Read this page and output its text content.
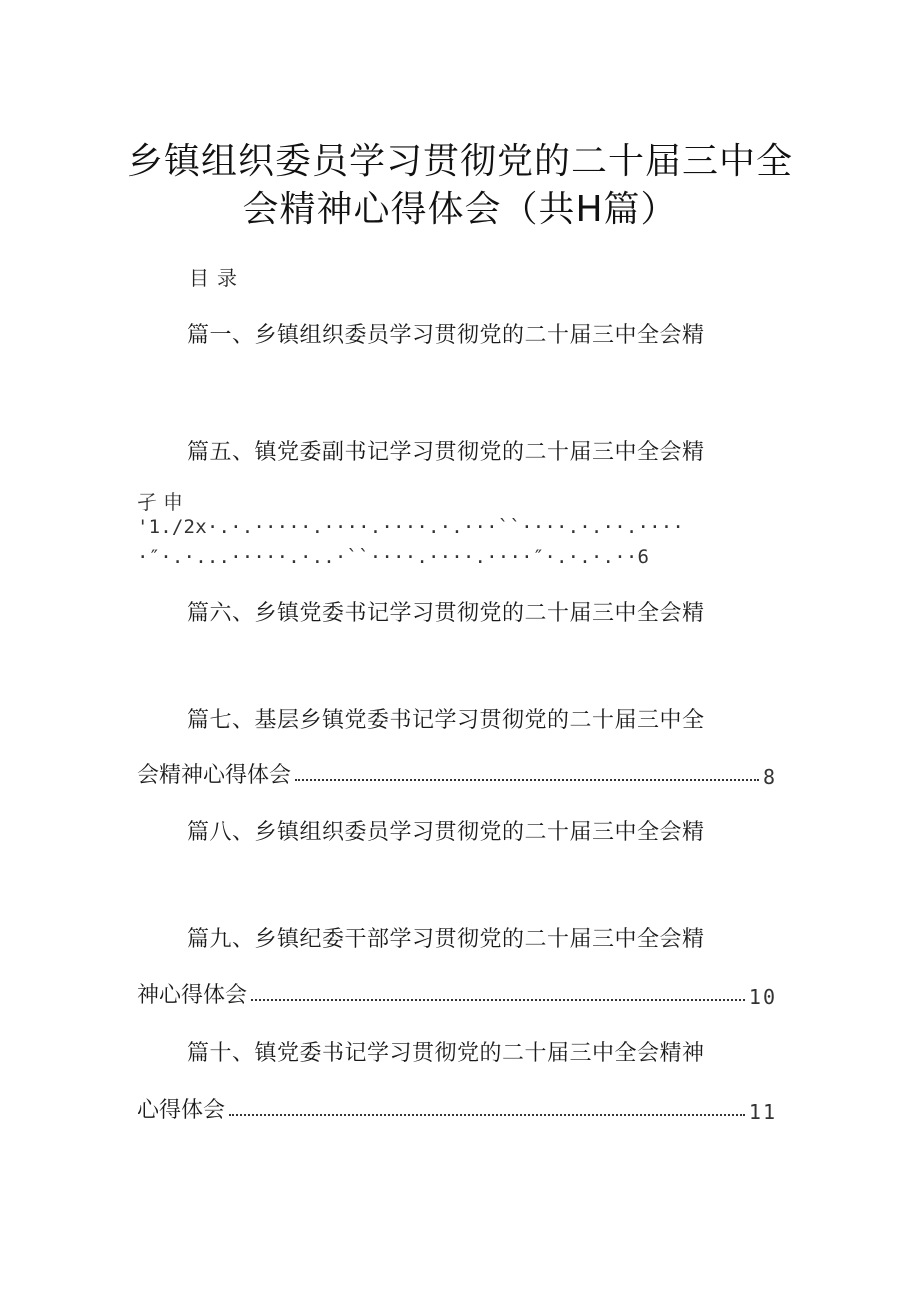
乡镇组织委员学习贯彻党的二十届三中全
会精神心得体会（共H篇）
目录
篇一、乡镇组织委员学习贯彻党的二十届三中全会精
篇五、镇党委副书记学习贯彻党的二十届三中全会精
孑申
'1./2x·.·.·····.····.····.·.···``····.·.··.····
·″·.·...·····.·..·``····.····.····″·.·.·.··6
篇六、乡镇党委书记学习贯彻党的二十届三中全会精
篇七、基层乡镇党委书记学习贯彻党的二十届三中全
会精神心得体会	8
篇八、乡镇组织委员学习贯彻党的二十届三中全会精
篇九、乡镇纪委干部学习贯彻党的二十届三中全会精
神心得体会	10
篇十、镇党委书记学习贯彻党的二十届三中全会精神
心得体会	11
